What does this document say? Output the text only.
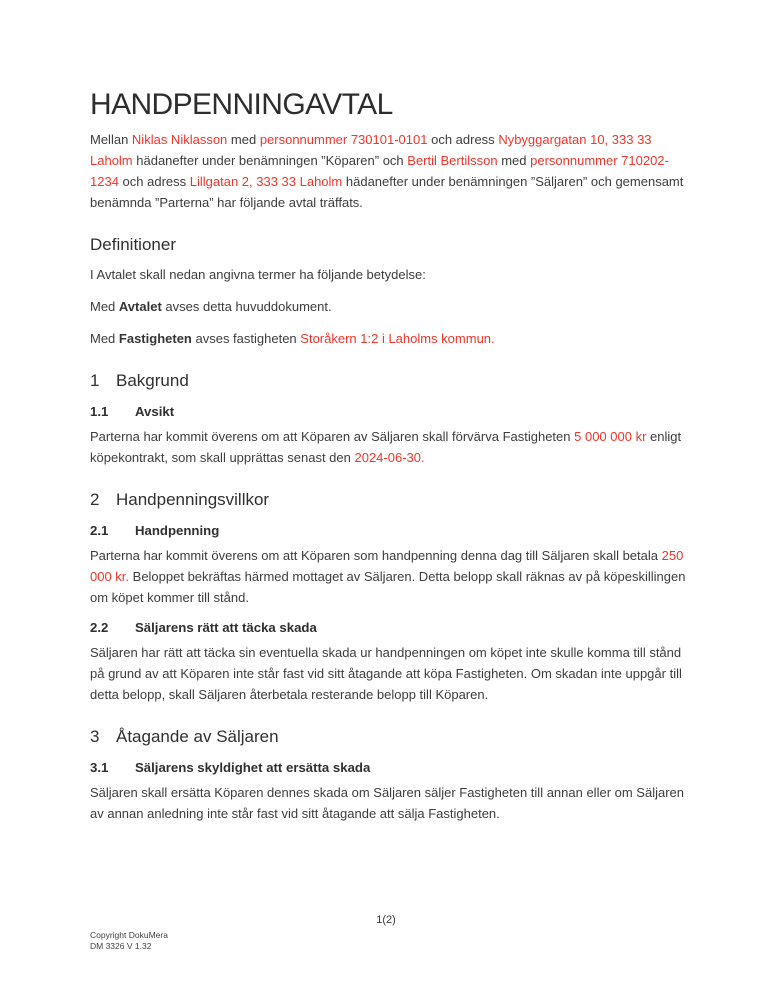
HANDPENNINGAVTAL

Mellan Niklas Niklasson med personnummer 730101-0101 och adress Nybyggargatan 10, 333 33 Laholm hädanefter under benämningen ”Köparen” och Bertil Bertilsson med personnummer 710202-1234 och adress Lillgatan 2, 333 33 Laholm hädanefter under benämningen ”Säljaren” och gemensamt benämnda ”Parterna” har följande avtal träffats.

Definitioner

I Avtalet skall nedan angivna termer ha följande betydelse:

Med Avtalet avses detta huvuddokument.

Med Fastigheten avses fastigheten Storåkern 1:2 i Laholms kommun.

1 Bakgrund
1.1 Avsikt

Parterna har kommit överens om att Köparen av Säljaren skall förvärva Fastigheten 5 000 000 kr enligt köpekontrakt, som skall upprättas senast den 2024-06-30.

2 Handpenningsvillkor
2.1 Handpenning

Parterna har kommit överens om att Köparen som handpenning denna dag till Säljaren skall betala 250 000 kr. Beloppet bekräftas härmed mottaget av Säljaren. Detta belopp skall räknas av på köpeskillingen om köpet kommer till stånd.

2.2 Säljarens rätt att täcka skada

Säljaren har rätt att täcka sin eventuella skada ur handpenningen om köpet inte skulle komma till stånd på grund av att Köparen inte står fast vid sitt åtagande att köpa Fastigheten. Om skadan inte uppgår till detta belopp, skall Säljaren återbetala resterande belopp till Köparen.

3 Åtagande av Säljaren
3.1 Säljarens skyldighet att ersätta skada

Säljaren skall ersätta Köparen dennes skada om Säljaren säljer Fastigheten till annan eller om Säljaren av annan anledning inte står fast vid sitt åtagande att sälja Fastigheten.

1(2)
Copyright DokuMera
DM 3326 V 1.32
